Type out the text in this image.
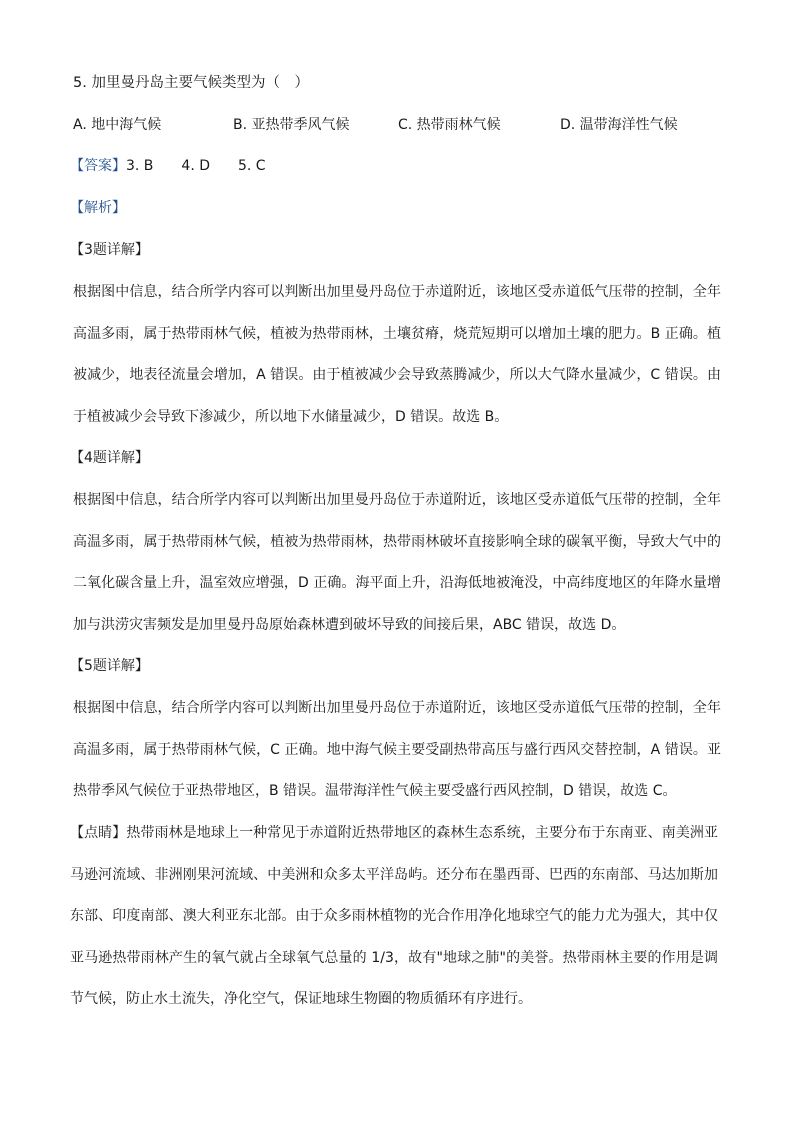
5. 加里曼丹岛主要气候类型为（　）
A. 地中海气候	B. 亚热带季风气候	C. 热带雨林气候	D. 温带海洋性气候
【答案】3. B　　4. D　　5. C
【解析】
【3题详解】
根据图中信息，结合所学内容可以判断出加里曼丹岛位于赤道附近，该地区受赤道低气压带的控制，全年
高温多雨，属于热带雨林气候，植被为热带雨林，土壤贫瘠，烧荒短期可以增加土壤的肥力。B 正确。植
被减少，地表径流量会增加，A 错误。由于植被减少会导致蒸腾减少，所以大气降水量减少，C 错误。由
于植被减少会导致下渗减少，所以地下水储量减少，D 错误。故选 B。
【4题详解】
根据图中信息，结合所学内容可以判断出加里曼丹岛位于赤道附近，该地区受赤道低气压带的控制，全年
高温多雨，属于热带雨林气候，植被为热带雨林，热带雨林破坏直接影响全球的碳氧平衡，导致大气中的
二氧化碳含量上升，温室效应增强，D 正确。海平面上升，沿海低地被淹没，中高纬度地区的年降水量增
加与洪涝灾害频发是加里曼丹岛原始森林遭到破坏导致的间接后果，ABC 错误，故选 D。
【5题详解】
根据图中信息，结合所学内容可以判断出加里曼丹岛位于赤道附近，该地区受赤道低气压带的控制，全年
高温多雨，属于热带雨林气候，C 正确。地中海气候主要受副热带高压与盛行西风交替控制，A 错误。亚
热带季风气候位于亚热带地区，B 错误。温带海洋性气候主要受盛行西风控制，D 错误，故选 C。
【点睛】热带雨林是地球上一种常见于赤道附近热带地区的森林生态系统，主要分布于东南亚、南美洲亚
马逊河流域、非洲刚果河流域、中美洲和众多太平洋岛屿。还分布在墨西哥、巴西的东南部、马达加斯加
东部、印度南部、澳大利亚东北部。由于众多雨林植物的光合作用净化地球空气的能力尤为强大，其中仅
亚马逊热带雨林产生的氧气就占全球氧气总量的 1/3，故有"地球之肺"的美誉。热带雨林主要的作用是调
节气候，防止水土流失，净化空气，保证地球生物圈的物质循环有序进行。
